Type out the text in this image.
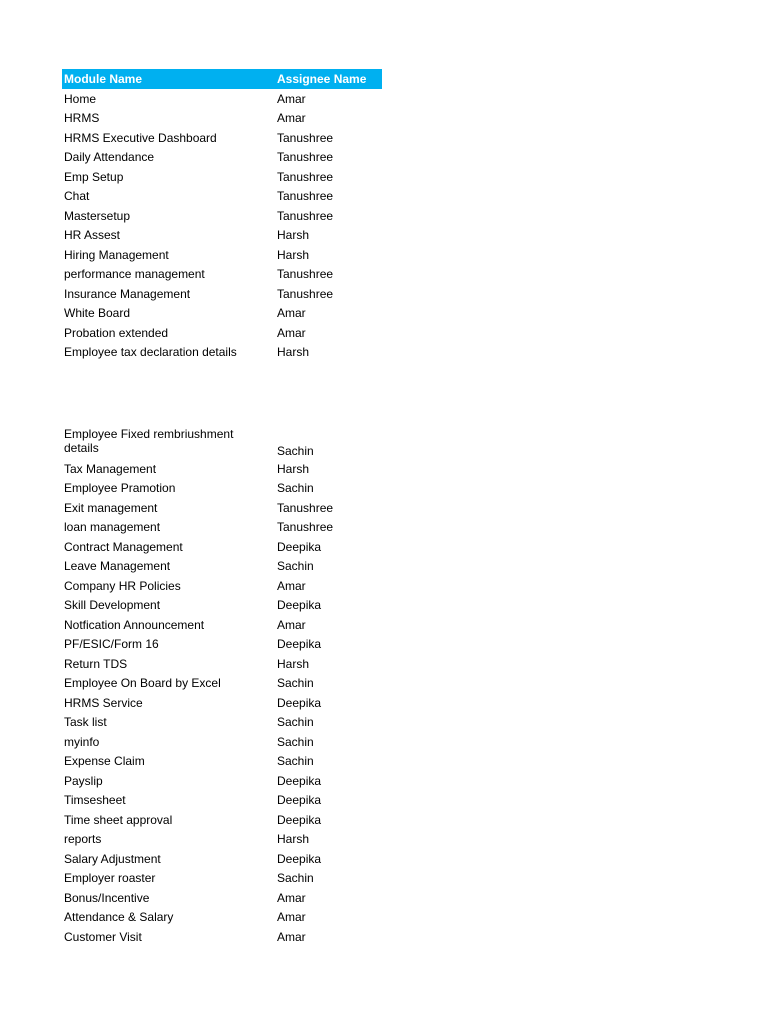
Module Name	Assignee Name
Home	Amar
HRMS	Amar
HRMS Executive Dashboard	Tanushree
Daily Attendance	Tanushree
Emp Setup	Tanushree
Chat	Tanushree
Mastersetup	Tanushree
HR Assest	Harsh
Hiring Management	Harsh
performance management	Tanushree
Insurance Management	Tanushree
White Board	Amar
Probation extended	Amar
Employee tax declaration details	Harsh
Employee Fixed rembriushment details	Sachin
Tax Management	Harsh
Employee Pramotion	Sachin
Exit management	Tanushree
loan management	Tanushree
Contract Management	Deepika
Leave Management	Sachin
Company HR Policies	Amar
Skill Development	Deepika
Notfication Announcement	Amar
PF/ESIC/Form 16	Deepika
Return TDS	Harsh
Employee On Board by Excel	Sachin
HRMS Service	Deepika
Task list	Sachin
myinfo	Sachin
Expense Claim	Sachin
Payslip	Deepika
Timsesheet	Deepika
Time sheet approval	Deepika
reports	Harsh
Salary Adjustment	Deepika
Employer roaster	Sachin
Bonus/Incentive	Amar
Attendance & Salary	Amar
Customer Visit	Amar
